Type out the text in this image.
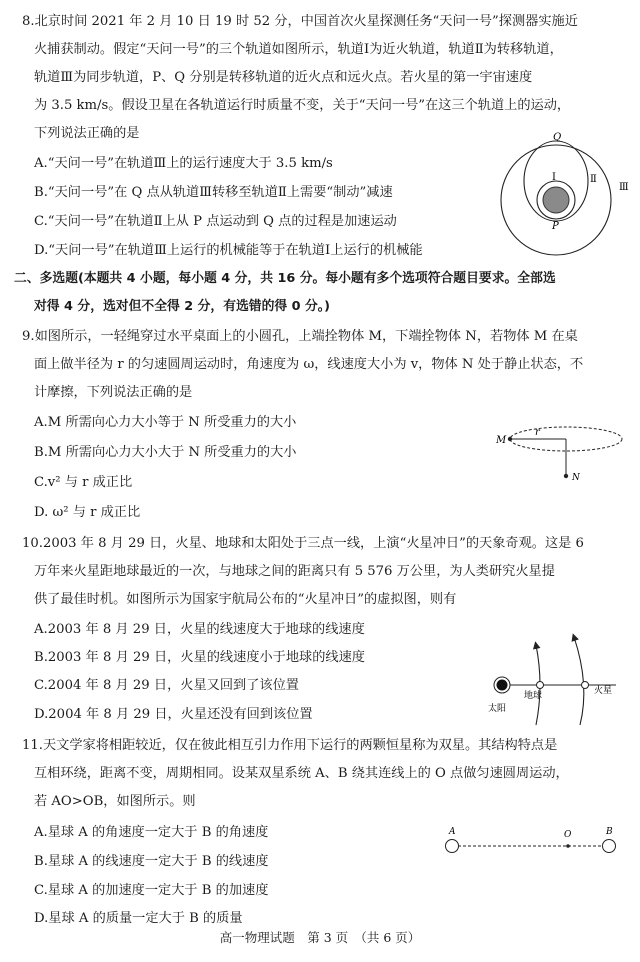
8.北京时间 2021 年 2 月 10 日 19 时 52 分，中国首次火星探测任务“天问一号”探测器实施近
火捕获制动。假定“天问一号”的三个轨道如图所示，轨道Ⅰ为近火轨道，轨道Ⅱ为转移轨道，
轨道Ⅲ为同步轨道，P、Q 分别是转移轨道的近火点和远火点。若火星的第一宇宙速度
为 3.5 km/s。假设卫星在各轨道运行时质量不变，关于“天问一号”在这三个轨道上的运动，
下列说法正确的是
A.“天问一号”在轨道Ⅲ上的运行速度大于 3.5 km/s
B.“天问一号”在 Q 点从轨道Ⅲ转移至轨道Ⅱ上需要“制动”减速
C.“天问一号”在轨道Ⅱ上从 P 点运动到 Q 点的过程是加速运动
D.“天问一号”在轨道Ⅲ上运行的机械能等于在轨道Ⅰ上运行的机械能
Q
P
Ⅰ	Ⅱ
Ⅲ
二、多选题(本题共 4 小题，每小题 4 分，共 16 分。每小题有多个选项符合题目要求。全部选
对得 4 分，选对但不全得 2 分，有选错的得 0 分。)
9.如图所示，一轻绳穿过水平桌面上的小圆孔，上端拴物体 M，下端拴物体 N，若物体 M 在桌
面上做半径为 r 的匀速圆周运动时，角速度为 ω，线速度大小为 v，物体 N 处于静止状态，不
计摩擦，下列说法正确的是
A.M 所需向心力大小等于 N 所受重力的大小
B.M 所需向心力大小大于 N 所受重力的大小
C.v² 与 r 成正比
D. ω² 与 r 成正比
M
r
N
10.2003 年 8 月 29 日，火星、地球和太阳处于三点一线，上演“火星冲日”的天象奇观。这是 6
万年来火星距地球最近的一次，与地球之间的距离只有 5 576 万公里，为人类研究火星提
供了最佳时机。如图所示为国家宇航局公布的“火星冲日”的虚拟图，则有
A.2003 年 8 月 29 日，火星的线速度大于地球的线速度
B.2003 年 8 月 29 日，火星的线速度小于地球的线速度
C.2004 年 8 月 29 日，火星又回到了该位置
D.2004 年 8 月 29 日，火星还没有回到该位置	太阳
地球	火星
11.天文学家将相距较近，仅在彼此相互引力作用下运行的两颗恒星称为双星。其结构特点是
互相环绕，距离不变，周期相同。设某双星系统 A、B 绕其连线上的 O 点做匀速圆周运动，
若 AO>OB，如图所示。则
A.星球 A 的角速度一定大于 B 的角速度
B.星球 A 的线速度一定大于 B 的线速度
C.星球 A 的加速度一定大于 B 的加速度
D.星球 A 的质量一定大于 B 的质量
A	O	B
高一物理试题　第 3 页　（共 6 页）
